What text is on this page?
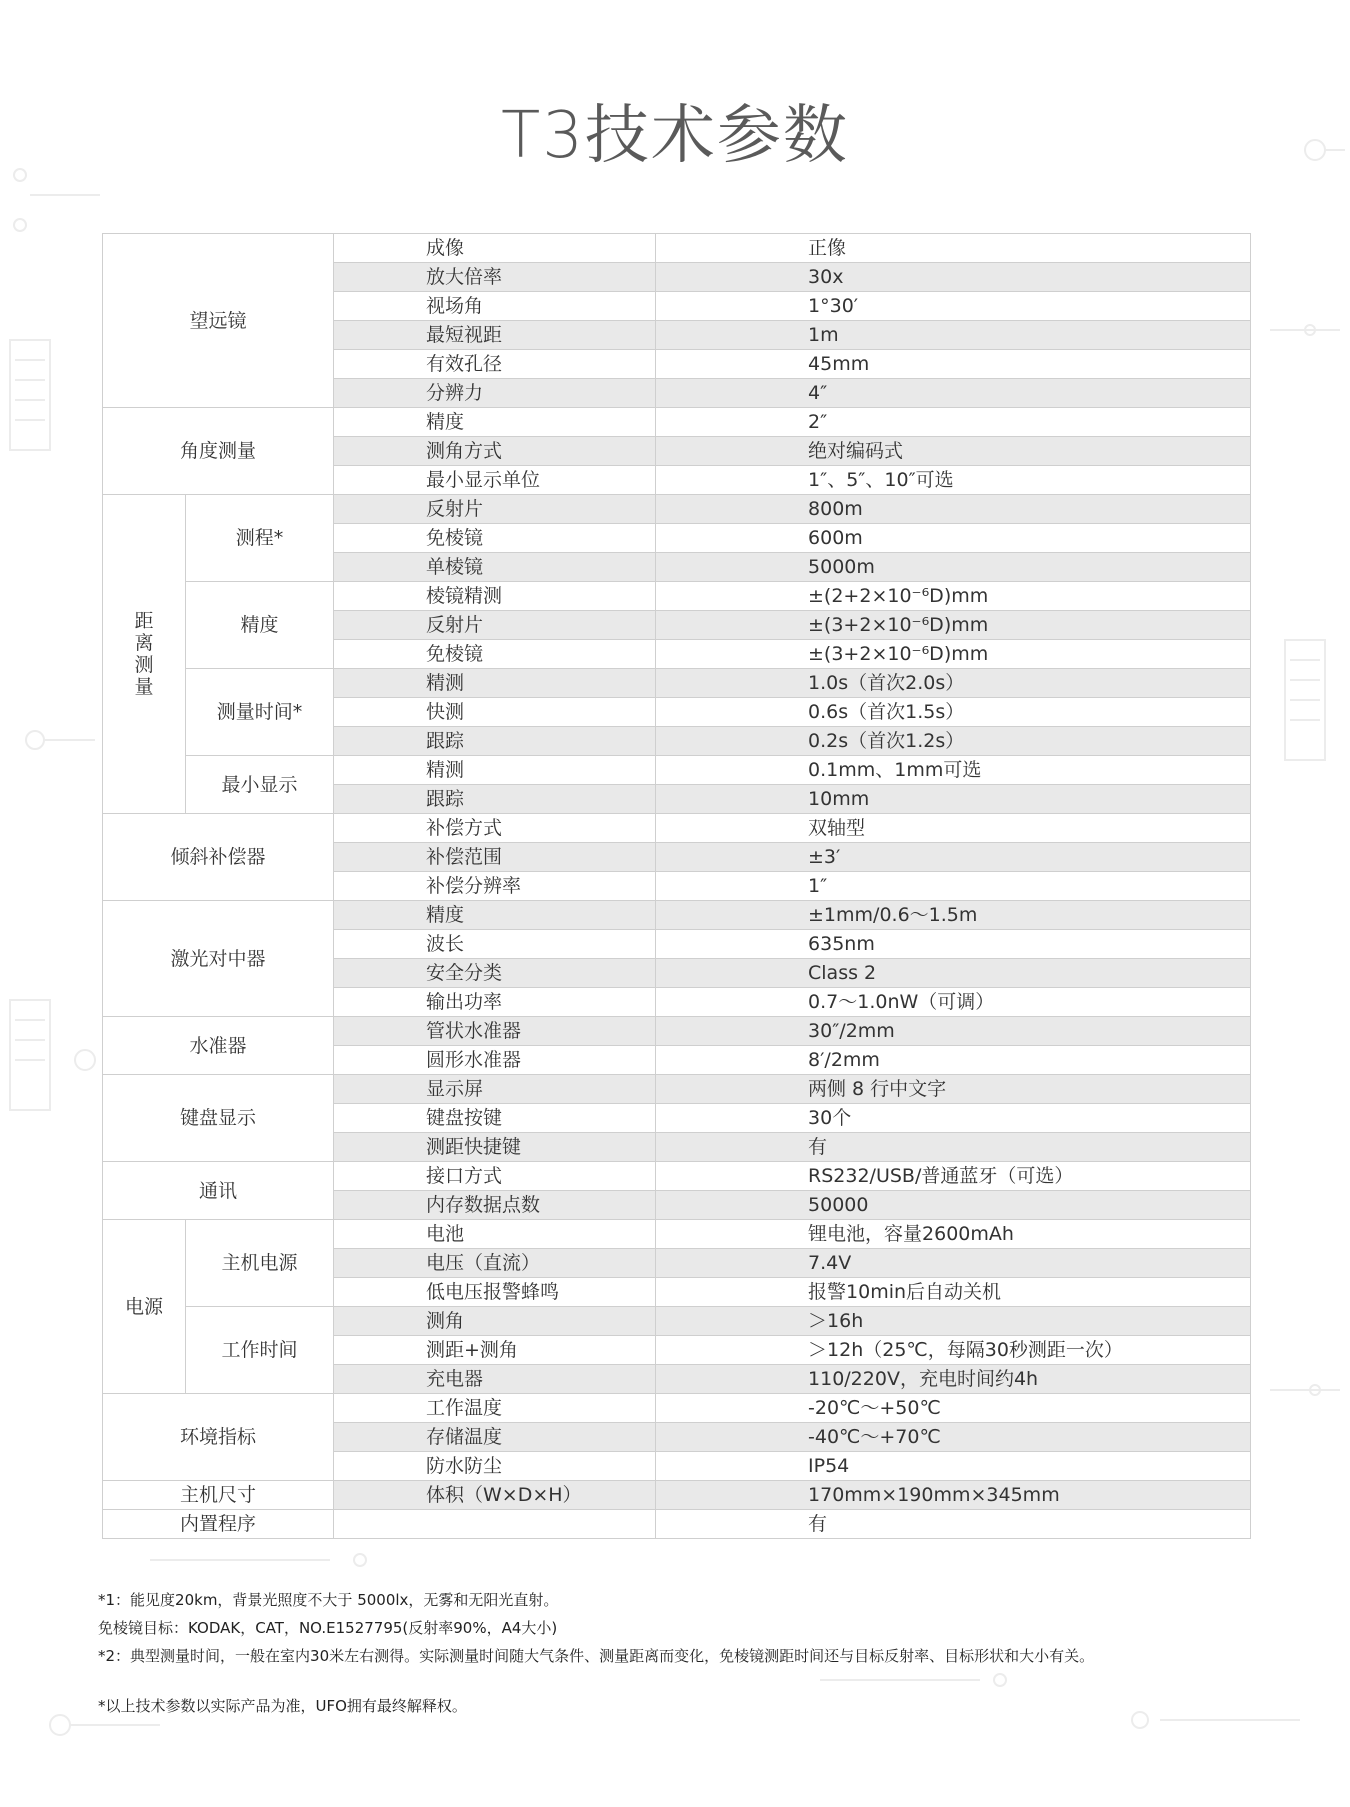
T3技术参数
望远镜		成像	正像
		放大倍率	30x
		视场角	1°30′
		最短视距	1m
		有效孔径	45mm
		分辨力	4″
角度测量		精度	2″
		测角方式	绝对编码式
		最小显示单位	1″、5″、10″可选
距离测量	测程*	反射片	800m
		免棱镜	600m
		单棱镜	5000m
	精度	棱镜精测	±(2+2×10⁻⁶D)mm
		反射片	±(3+2×10⁻⁶D)mm
		免棱镜	±(3+2×10⁻⁶D)mm
	测量时间*	精测	1.0s（首次2.0s）
		快测	0.6s（首次1.5s）
		跟踪	0.2s（首次1.2s）
	最小显示	精测	0.1mm、1mm可选
		跟踪	10mm
倾斜补偿器		补偿方式	双轴型
		补偿范围	±3′
		补偿分辨率	1″
激光对中器		精度	±1mm/0.6～1.5m
		波长	635nm
		安全分类	Class 2
		输出功率	0.7～1.0nW（可调）
水准器		管状水准器	30″/2mm
		圆形水准器	8′/2mm
键盘显示		显示屏	两侧 8 行中文字
		键盘按键	30个
		测距快捷键	有
通讯		接口方式	RS232/USB/普通蓝牙（可选）
		内存数据点数	50000
电源	主机电源	电池	锂电池，容量2600mAh
		电压（直流）	7.4V
		低电压报警蜂鸣	报警10min后自动关机
	工作时间	测角	＞16h
		测距+测角	＞12h（25℃，每隔30秒测距一次）
		充电器	110/220V，充电时间约4h
环境指标		工作温度	-20℃～+50℃
		存储温度	-40℃～+70℃
		防水防尘	IP54
主机尺寸		体积（W×D×H）	170mm×190mm×345mm
内置程序			有

*1：能见度20km，背景光照度不大于 5000lx，无雾和无阳光直射。

免棱镜目标：KODAK，CAT，NO.E1527795(反射率90%，A4大小)

*2：典型测量时间，一般在室内30米左右测得。实际测量时间随大气条件、测量距离而变化，免棱镜测距时间还与目标反射率、目标形状和大小有关。

*以上技术参数以实际产品为准，UFO拥有最终解释权。
